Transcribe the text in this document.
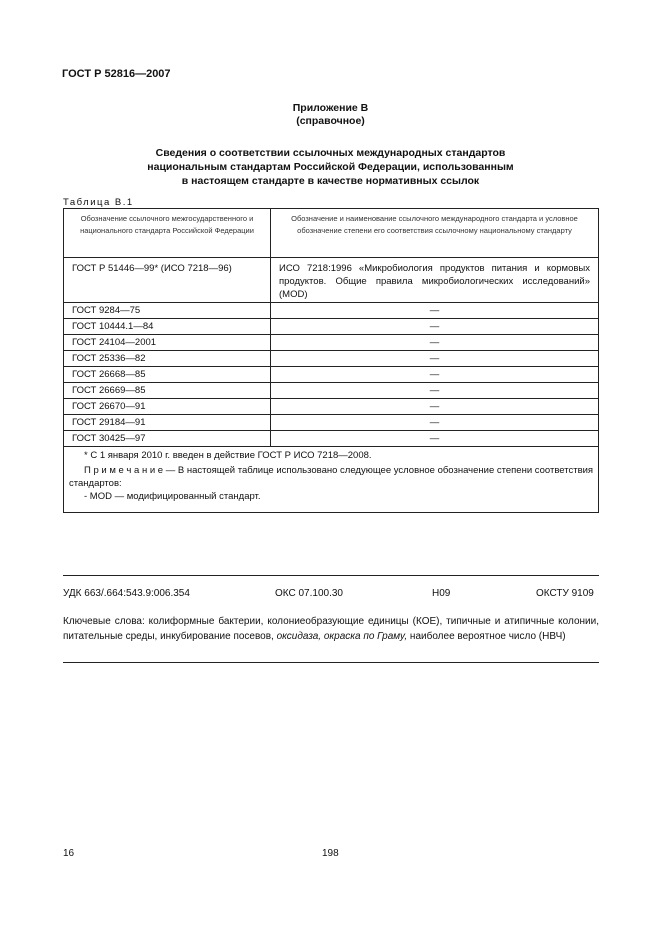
ГОСТ Р 52816—2007
Приложение В
(справочное)
Сведения о соответствии ссылочных международных стандартов
национальным стандартам Российской Федерации, использованным
в настоящем стандарте в качестве нормативных ссылок
Таблица В.1
Обозначение ссылочного межгосударственного и национального стандарта Российской Федерации	Обозначение и наименование ссылочного международного стандарта и условное обозначение степени его соответствия ссылочному национальному стандарту
ГОСТ Р 51446—99* (ИСО 7218—96)	ИСО 7218:1996 «Микробиология продуктов питания и кормовых продуктов. Общие правила микробиологических исследований» (MOD)
ГОСТ 9284—75	—
ГОСТ 10444.1—84	—
ГОСТ 24104—2001	—
ГОСТ 25336—82	—
ГОСТ 26668—85	—
ГОСТ 26669—85	—
ГОСТ 26670—91	—
ГОСТ 29184—91	—
ГОСТ 30425—97	—
* С 1 января 2010 г. введен в действие ГОСТ Р ИСО 7218—2008.
П р и м е ч а н и е — В настоящей таблице использовано следующее условное обозначение степени соответствия стандартов:
- MOD — модифицированный стандарт.
УДК 663/.664:543.9:006.354	ОКС 07.100.30	Н09	ОКСТУ 9109
Ключевые слова: колиформные бактерии, колониеобразующие единицы (КОЕ), типичные и атипичные колонии, питательные среды, инкубирование посевов, оксидаза, окраска по Граму, наиболее вероятное число (НВЧ)
16	198
